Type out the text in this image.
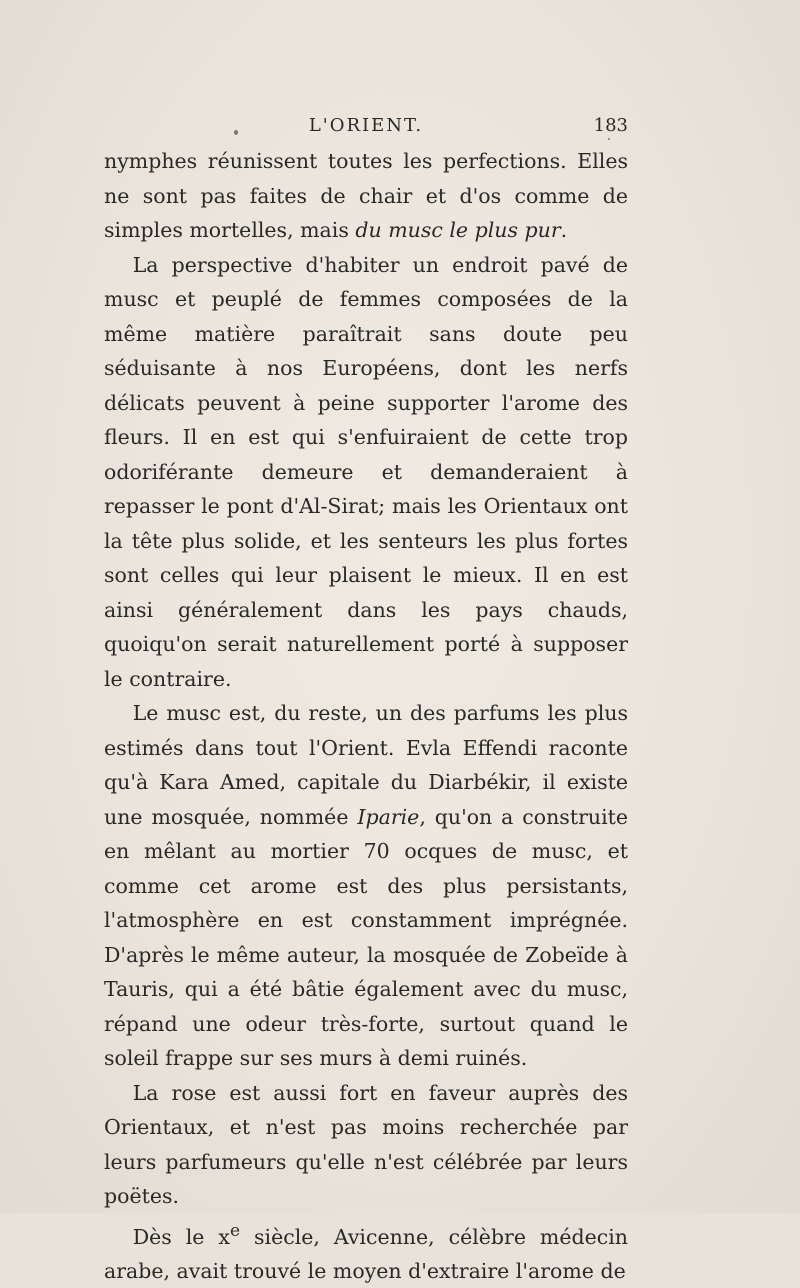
L'ORIENT.	183

nymphes réunissent toutes les perfections. Elles ne sont pas faites de chair et d'os comme de simples mortelles, mais du musc le plus pur.

La perspective d'habiter un endroit pavé de musc et peuplé de femmes composées de la même matière paraîtrait sans doute peu séduisante à nos Européens, dont les nerfs délicats peuvent à peine supporter l'arome des fleurs. Il en est qui s'enfuiraient de cette trop odoriférante demeure et demanderaient à repasser le pont d'Al-Sirat; mais les Orientaux ont la tête plus solide, et les senteurs les plus fortes sont celles qui leur plaisent le mieux. Il en est ainsi généralement dans les pays chauds, quoiqu'on serait naturellement porté à supposer le contraire.

Le musc est, du reste, un des parfums les plus estimés dans tout l'Orient. Evla Effendi raconte qu'à Kara Amed, capitale du Diarbékir, il existe une mosquée, nommée Iparie, qu'on a construite en mêlant au mortier 70 ocques de musc, et comme cet arome est des plus persistants, l'atmosphère en est constamment imprégnée. D'après le même auteur, la mosquée de Zobeïde à Tauris, qui a été bâtie également avec du musc, répand une odeur très-forte, surtout quand le soleil frappe sur ses murs à demi ruinés.

La rose est aussi fort en faveur auprès des Orientaux, et n'est pas moins recherchée par leurs parfumeurs qu'elle n'est célébrée par leurs poëtes.

Dès le $x^e$ siècle, Avicenne, célèbre médecin arabe, avait trouvé le moyen d'extraire l'arome de
